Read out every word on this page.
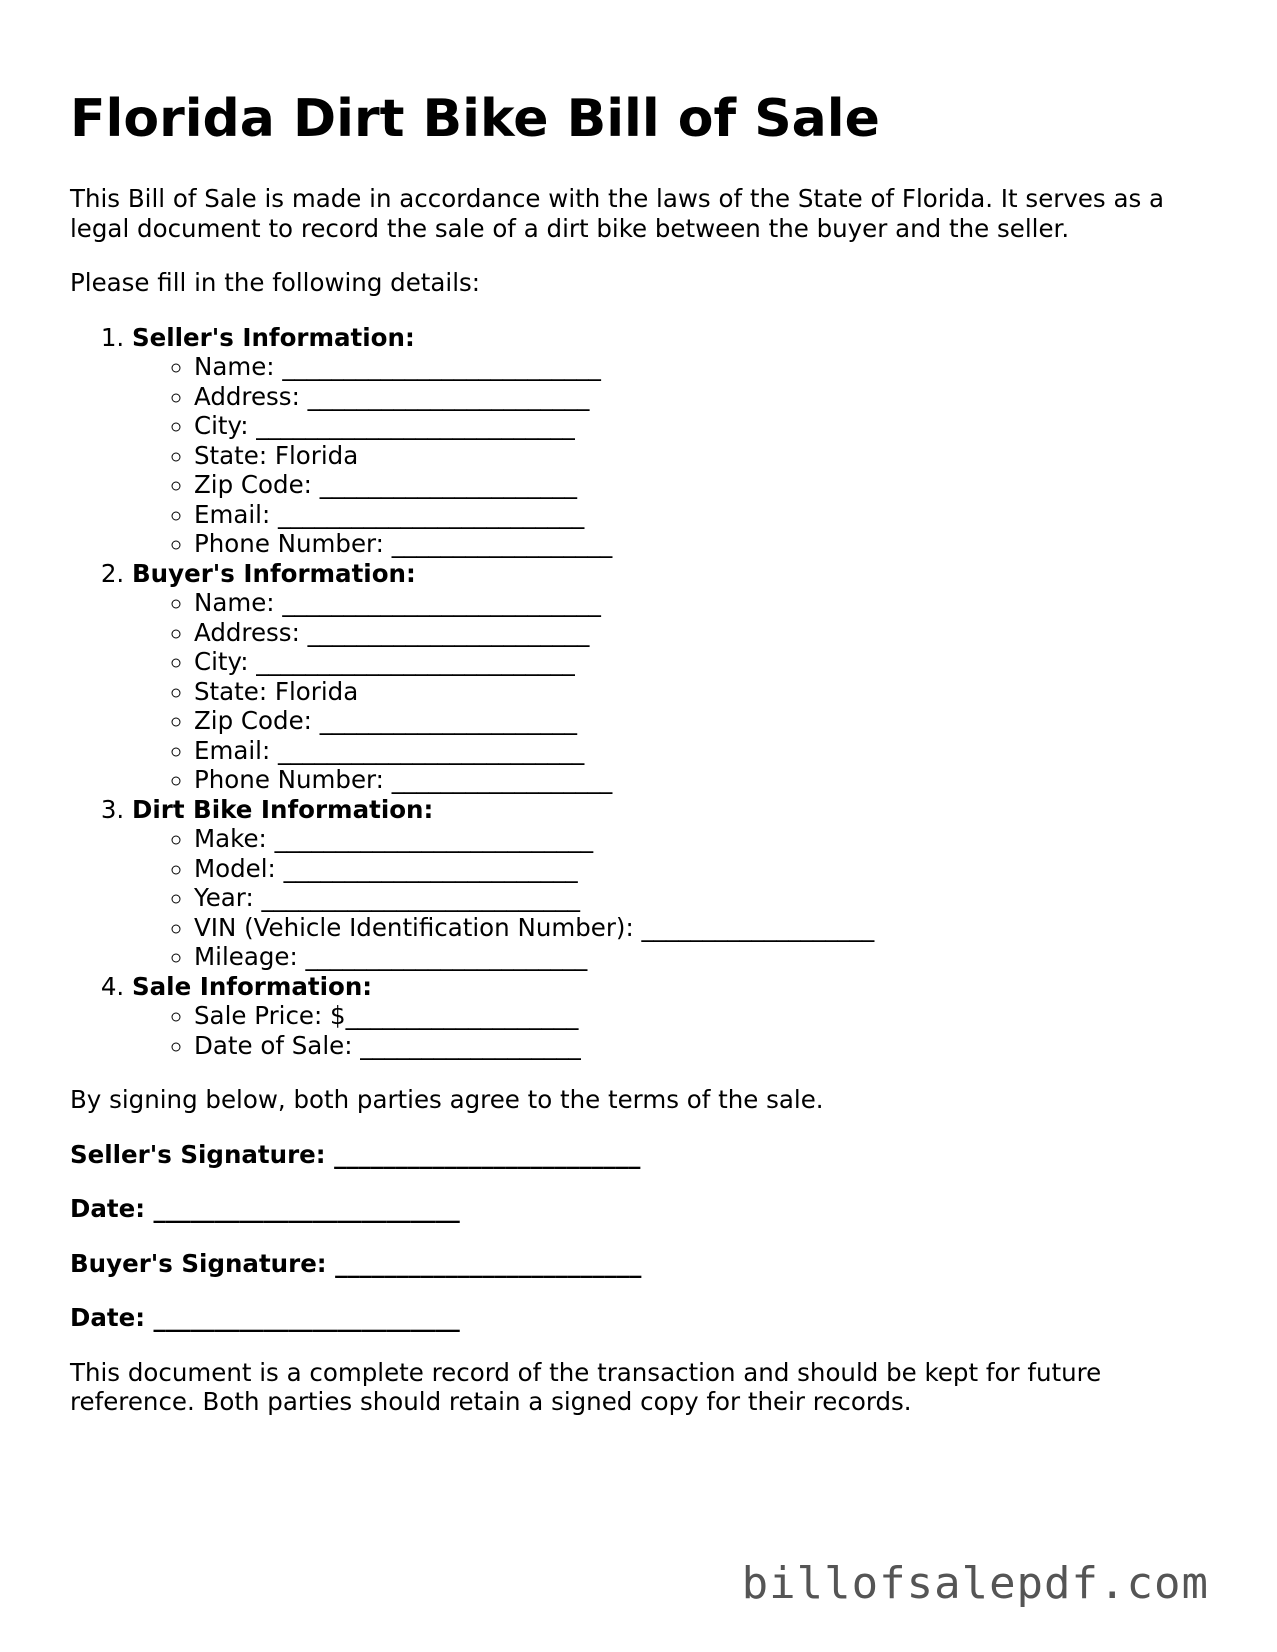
Florida Dirt Bike Bill of Sale

This Bill of Sale is made in accordance with the laws of the State of Florida. It serves as a legal document to record the sale of a dirt bike between the buyer and the seller.

Please fill in the following details:

1. Seller's Information:
◦ Name: __________________________
◦ Address: _______________________
◦ City: __________________________
◦ State: Florida
◦ Zip Code: _____________________
◦ Email: _________________________
◦ Phone Number: __________________
2. Buyer's Information:
◦ Name: __________________________
◦ Address: _______________________
◦ City: __________________________
◦ State: Florida
◦ Zip Code: _____________________
◦ Email: _________________________
◦ Phone Number: __________________
3. Dirt Bike Information:
◦ Make: __________________________
◦ Model: ________________________
◦ Year: __________________________
◦ VIN (Vehicle Identification Number): ___________________
◦ Mileage: _______________________
4. Sale Information:
◦ Sale Price: $___________________
◦ Date of Sale: __________________

By signing below, both parties agree to the terms of the sale.

Seller's Signature: _________________________
Date: _________________________
Buyer's Signature: _________________________
Date: _________________________

This document is a complete record of the transaction and should be kept for future reference. Both parties should retain a signed copy for their records.

billofsalepdf.com
